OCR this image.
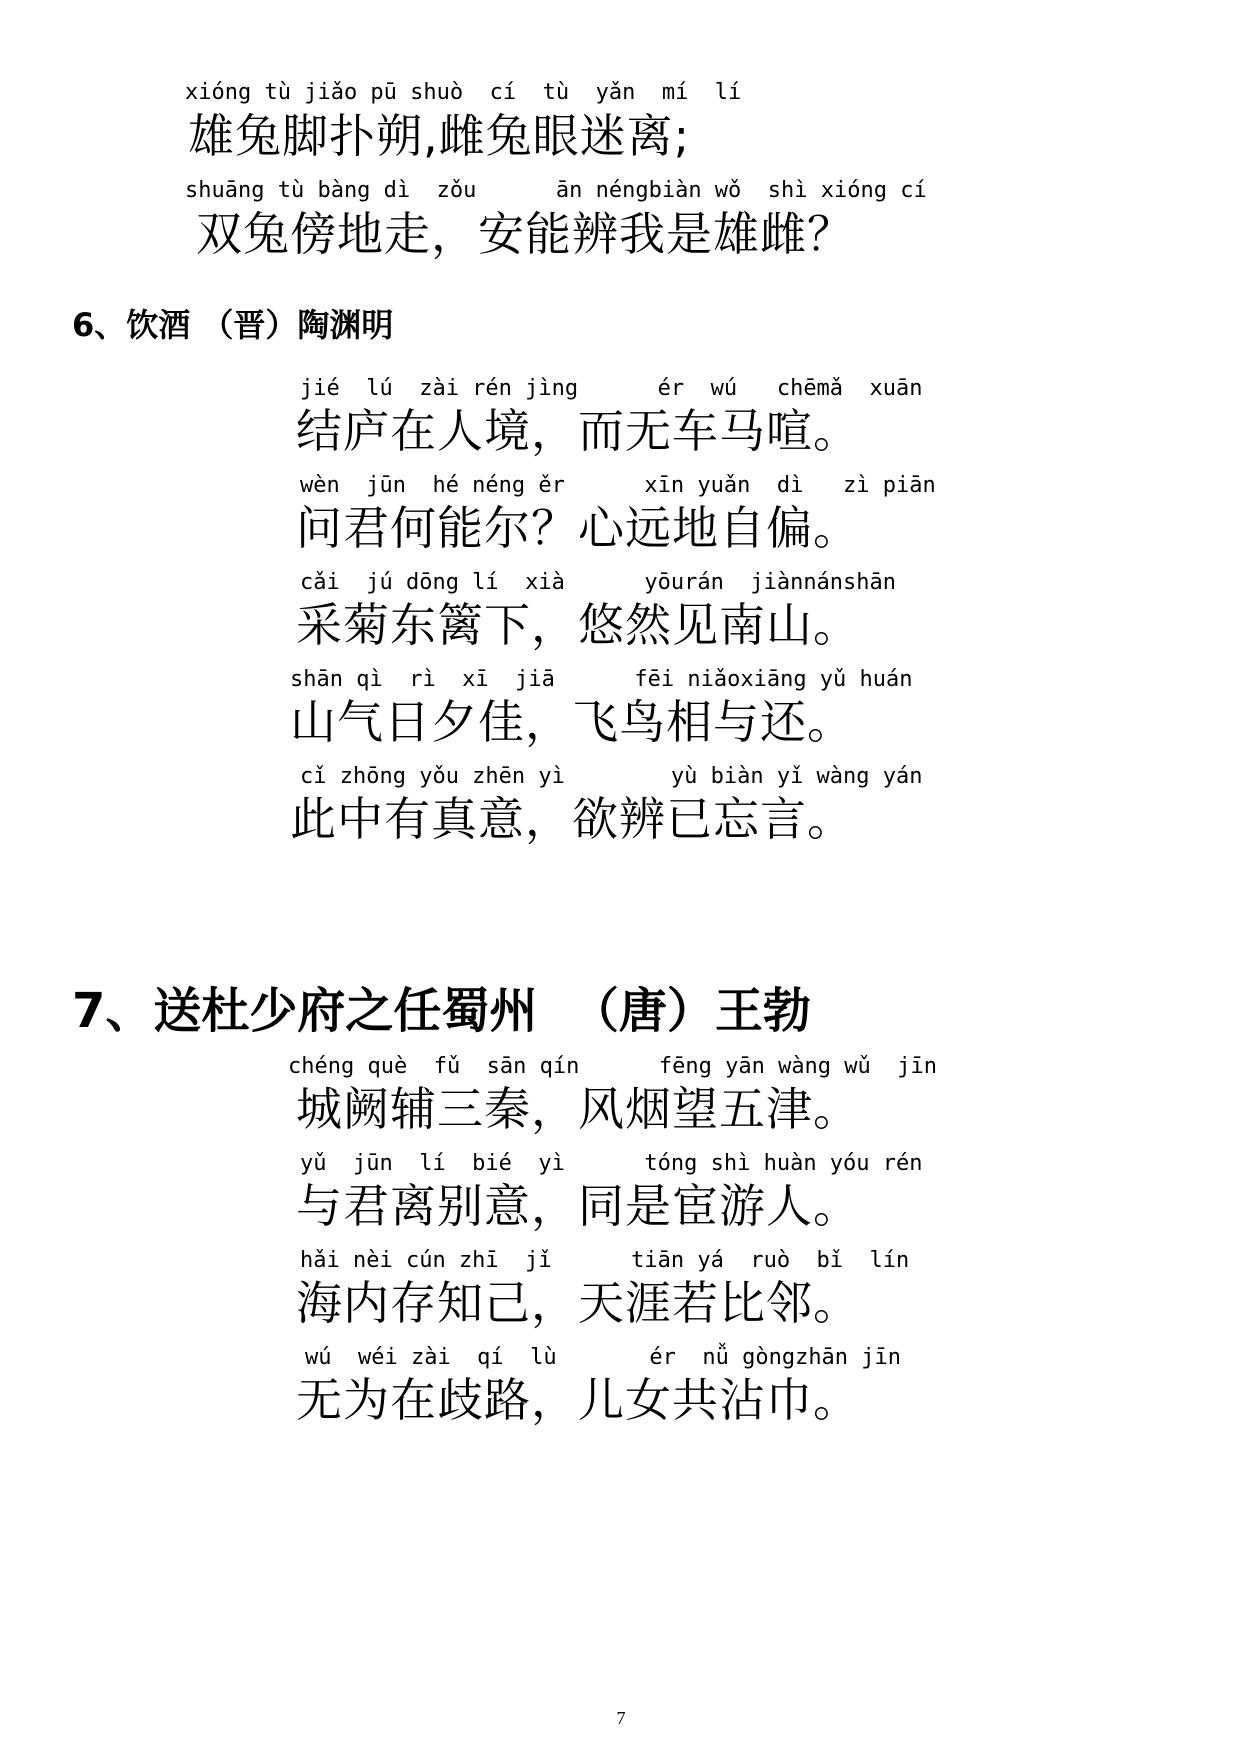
xióng tù jiǎo pū shuò  cí  tù  yǎn  mí  lí
雄兔脚扑朔,雌兔眼迷离;
shuāng tù bàng dì  zǒu      ān néngbiàn wǒ  shì xióng cí
双兔傍地走，安能辨我是雄雌？
6、饮酒 （晋）陶渊明
jié  lú  zài rén jìng      ér  wú   chēmǎ  xuān
结庐在人境，而无车马喧。
wèn  jūn  hé néng ěr      xīn yuǎn  dì   zì piān
问君何能尔？心远地自偏。
cǎi  jú dōng lí  xià      yōurán  jiànnánshān
采菊东篱下，悠然见南山。
shān qì  rì  xī  jiā      fēi niǎoxiāng yǔ huán
山气日夕佳，飞鸟相与还。
cǐ zhōng yǒu zhēn yì        yù biàn yǐ wàng yán
此中有真意，欲辨已忘言。
7、送杜少府之任蜀州  （唐）王勃
chéng què  fǔ  sān qín      fēng yān wàng wǔ  jīn
城阙辅三秦，风烟望五津。
yǔ  jūn  lí  bié  yì      tóng shì huàn yóu rén
与君离别意，同是宦游人。
hǎi nèi cún zhī  jǐ      tiān yá  ruò  bǐ  lín
海内存知己，天涯若比邻。
wú  wéi zài  qí  lù       ér  nǚ gòngzhān jīn
无为在歧路，儿女共沾巾。
7
